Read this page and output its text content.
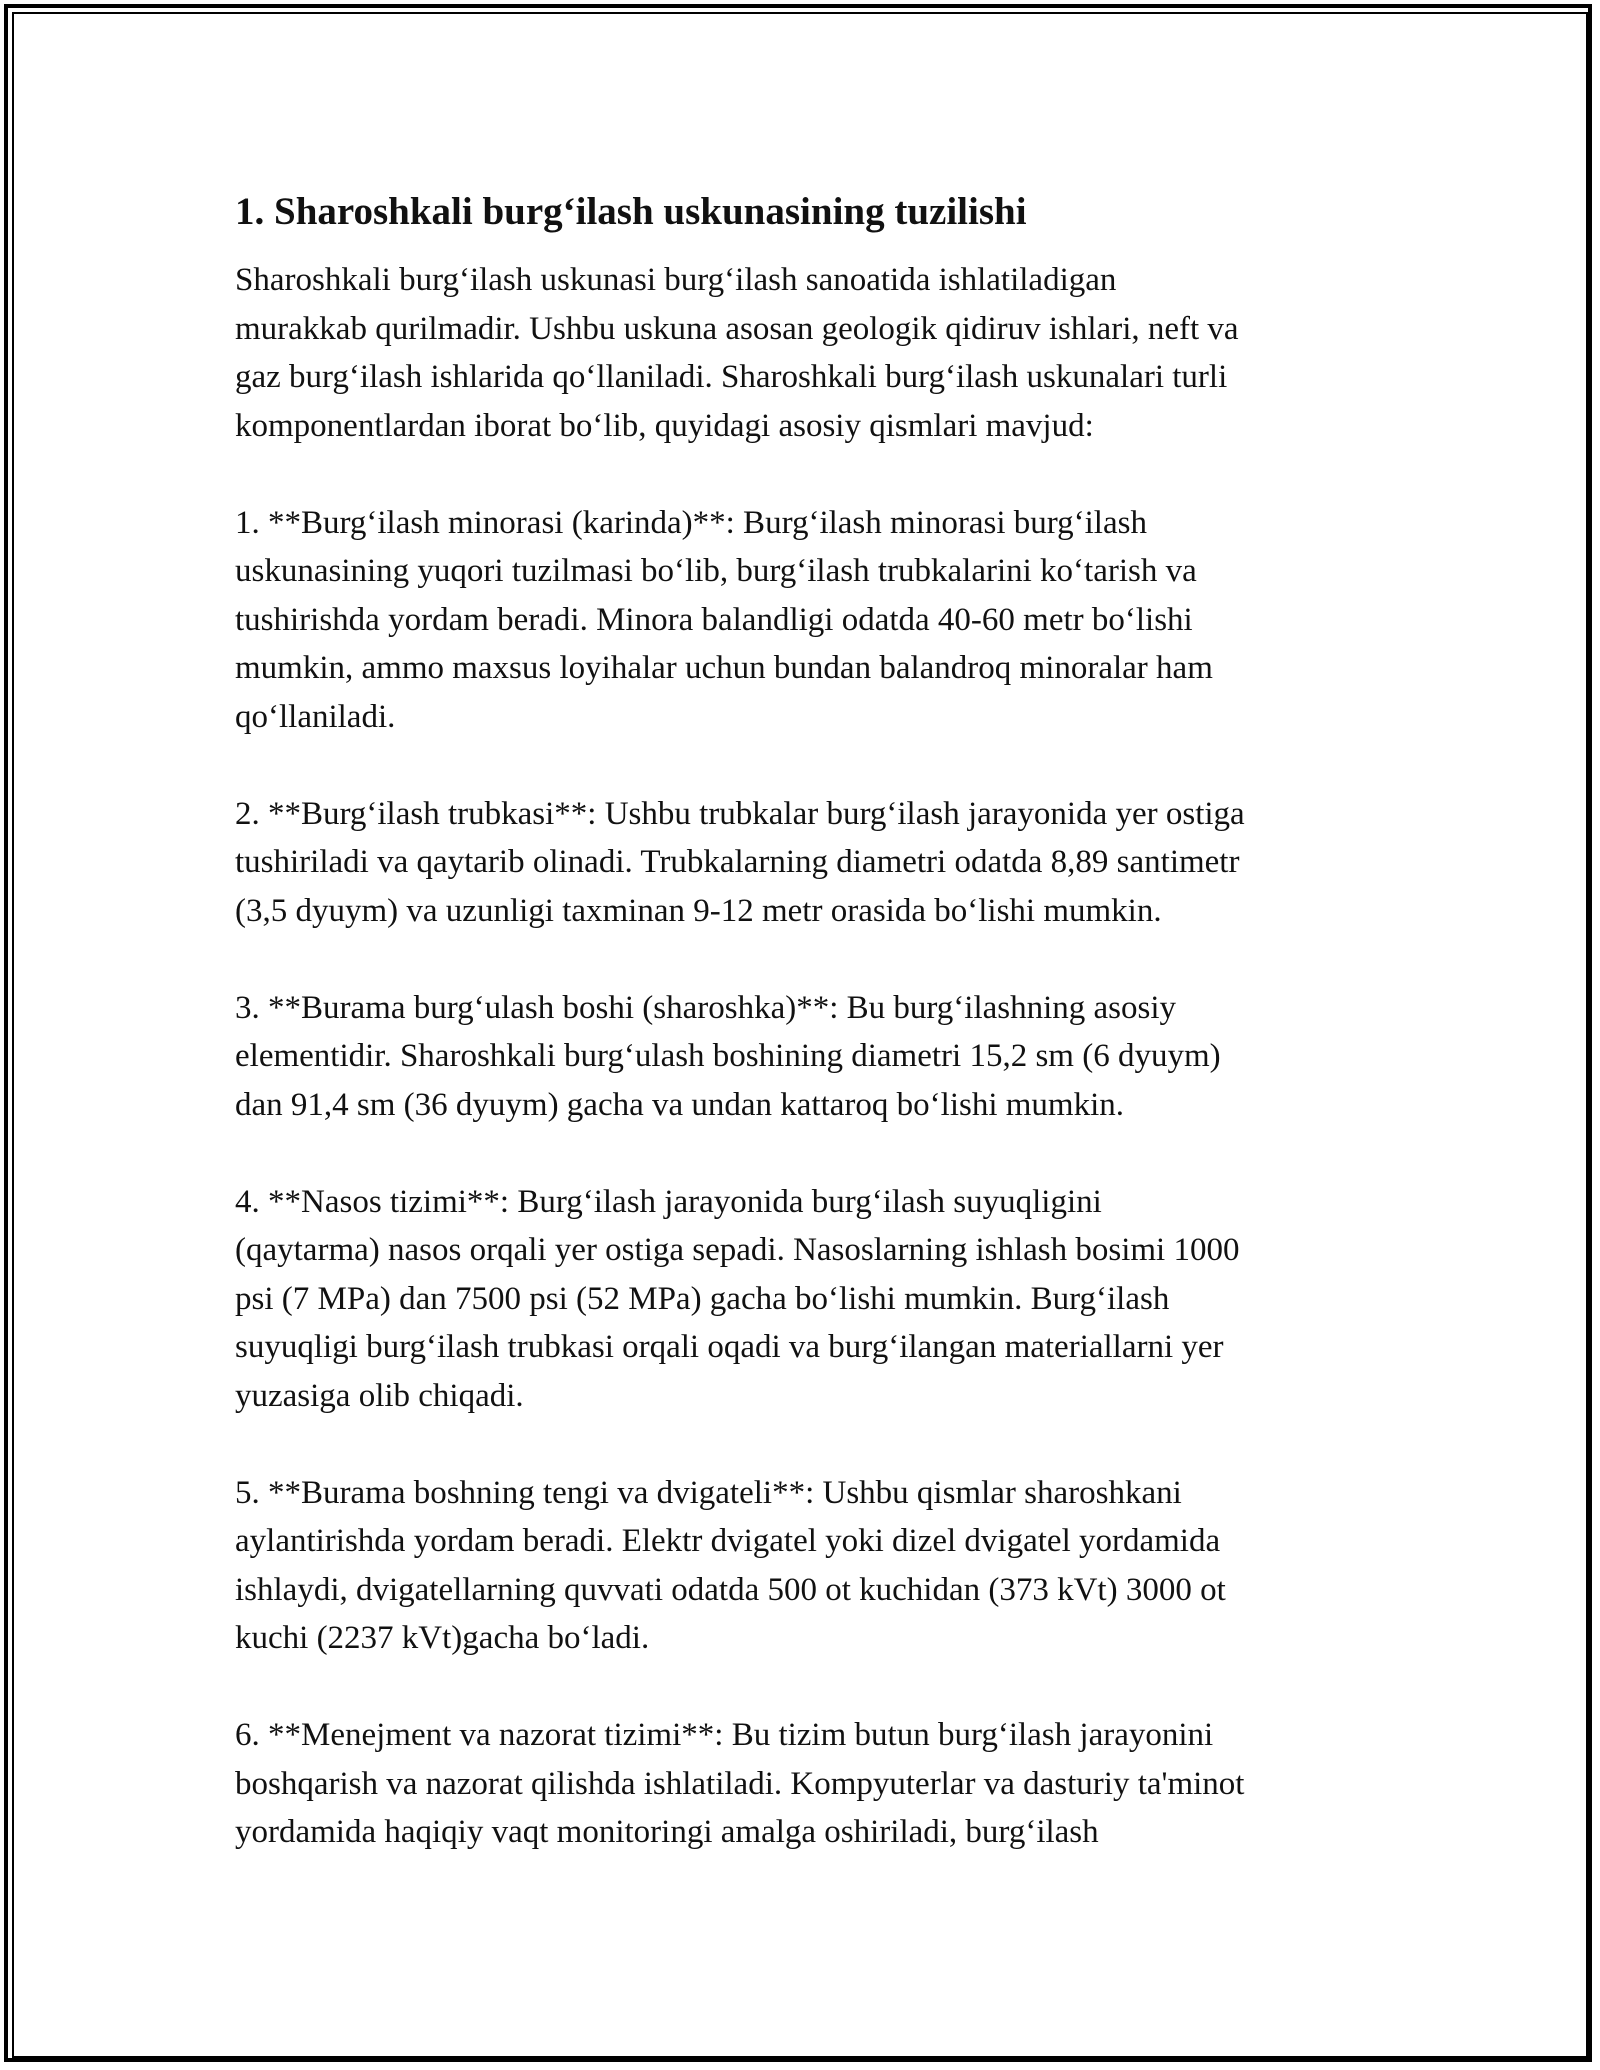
1. Sharoshkali burg‘ilash uskunasining tuzilishi
Sharoshkali burg‘ilash uskunasi burg‘ilash sanoatida ishlatiladigan
murakkab qurilmadir. Ushbu uskuna asosan geologik qidiruv ishlari, neft va
gaz burg‘ilash ishlarida qo‘llaniladi. Sharoshkali burg‘ilash uskunalari turli
komponentlardan iborat bo‘lib, quyidagi asosiy qismlari mavjud:
1. **Burg‘ilash minorasi (karinda)**: Burg‘ilash minorasi burg‘ilash
uskunasining yuqori tuzilmasi bo‘lib, burg‘ilash trubkalarini ko‘tarish va
tushirishda yordam beradi. Minora balandligi odatda 40-60 metr bo‘lishi
mumkin, ammo maxsus loyihalar uchun bundan balandroq minoralar ham
qo‘llaniladi.
2. **Burg‘ilash trubkasi**: Ushbu trubkalar burg‘ilash jarayonida yer ostiga
tushiriladi va qaytarib olinadi. Trubkalarning diametri odatda 8,89 santimetr
(3,5 dyuym) va uzunligi taxminan 9-12 metr orasida bo‘lishi mumkin.
3. **Burama burg‘ulash boshi (sharoshka)**: Bu burg‘ilashning asosiy
elementidir. Sharoshkali burg‘ulash boshining diametri 15,2 sm (6 dyuym)
dan 91,4 sm (36 dyuym) gacha va undan kattaroq bo‘lishi mumkin.
4. **Nasos tizimi**: Burg‘ilash jarayonida burg‘ilash suyuqligini
(qaytarma) nasos orqali yer ostiga sepadi. Nasoslarning ishlash bosimi 1000
psi (7 MPa) dan 7500 psi (52 MPa) gacha bo‘lishi mumkin. Burg‘ilash
suyuqligi burg‘ilash trubkasi orqali oqadi va burg‘ilangan materiallarni yer
yuzasiga olib chiqadi.
5. **Burama boshning tengi va dvigateli**: Ushbu qismlar sharoshkani
aylantirishda yordam beradi. Elektr dvigatel yoki dizel dvigatel yordamida
ishlaydi, dvigatellarning quvvati odatda 500 ot kuchidan (373 kVt) 3000 ot
kuchi (2237 kVt)gacha bo‘ladi.
6. **Menejment va nazorat tizimi**: Bu tizim butun burg‘ilash jarayonini
boshqarish va nazorat qilishda ishlatiladi. Kompyuterlar va dasturiy ta'minot
yordamida haqiqiy vaqt monitoringi amalga oshiriladi, burg‘ilash
